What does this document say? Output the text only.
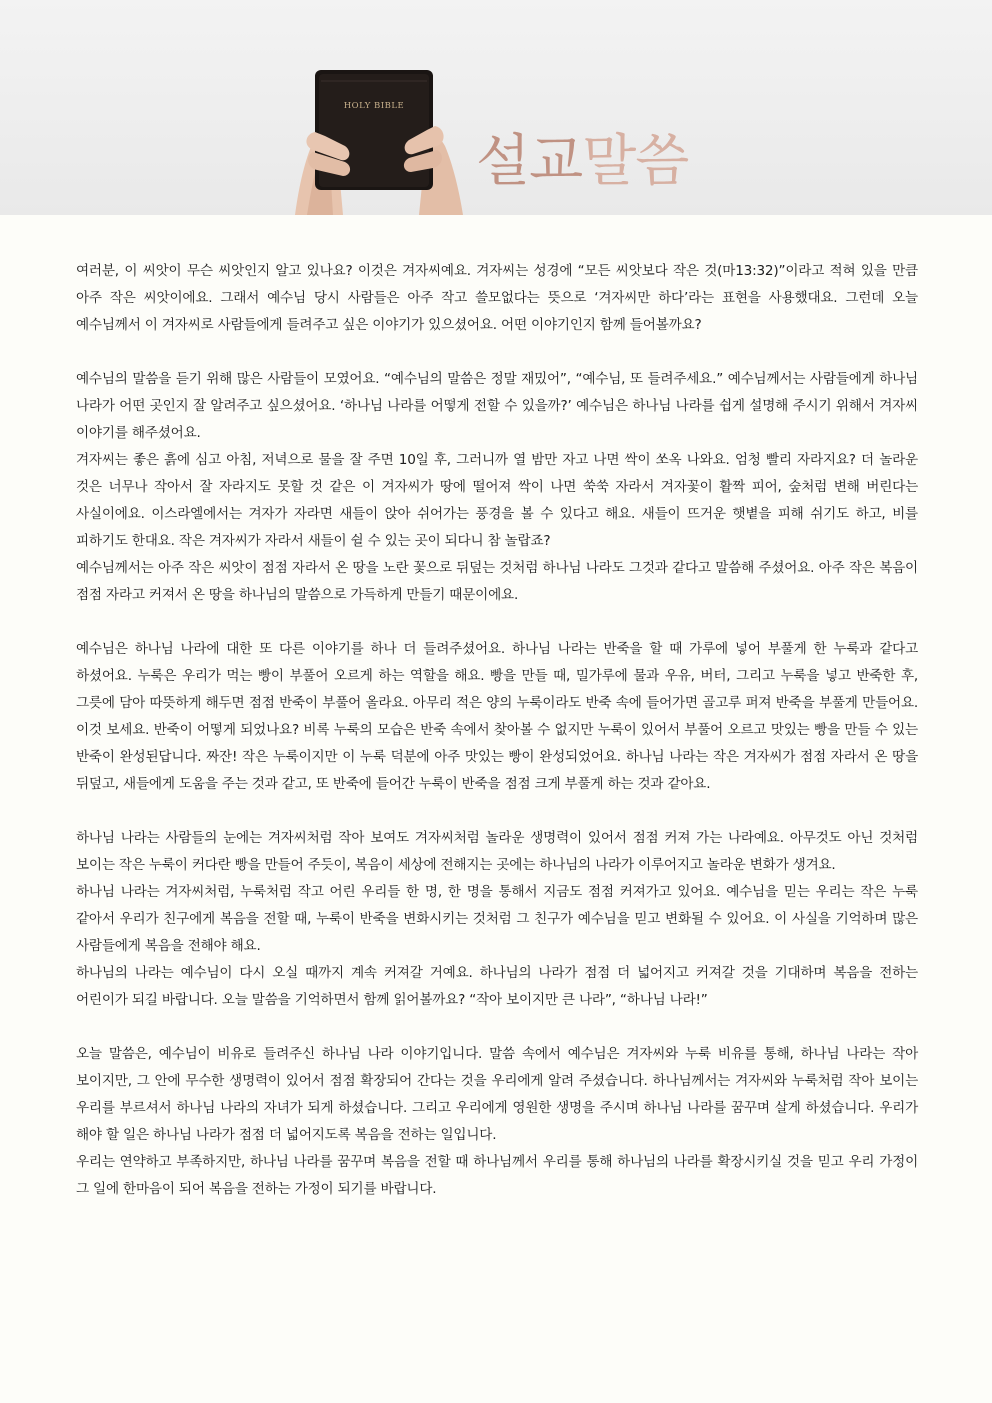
HOLY BIBLE
설교말씀

여러분, 이 씨앗이 무슨 씨앗인지 알고 있나요? 이것은 겨자씨예요. 겨자씨는 성경에 “모든 씨앗보다 작은 것(마13:32)”이라고 적혀 있을 만큼 아주 작은 씨앗이에요. 그래서 예수님 당시 사람들은 아주 작고 쓸모없다는 뜻으로 ‘겨자씨만 하다’라는 표현을 사용했대요. 그런데 오늘 예수님께서 이 겨자씨로 사람들에게 들려주고 싶은 이야기가 있으셨어요. 어떤 이야기인지 함께 들어볼까요?

예수님의 말씀을 듣기 위해 많은 사람들이 모였어요. “예수님의 말씀은 정말 재밌어”, “예수님, 또 들려주세요.” 예수님께서는 사람들에게 하나님 나라가 어떤 곳인지 잘 알려주고 싶으셨어요. ‘하나님 나라를 어떻게 전할 수 있을까?’ 예수님은 하나님 나라를 쉽게 설명해 주시기 위해서 겨자씨 이야기를 해주셨어요.

겨자씨는 좋은 흙에 심고 아침, 저녁으로 물을 잘 주면 10일 후, 그러니까 열 밤만 자고 나면 싹이 쏘옥 나와요. 엄청 빨리 자라지요? 더 놀라운 것은 너무나 작아서 잘 자라지도 못할 것 같은 이 겨자씨가 땅에 떨어져 싹이 나면 쑥쑥 자라서 겨자꽃이 활짝 피어, 숲처럼 변해 버린다는 사실이에요. 이스라엘에서는 겨자가 자라면 새들이 앉아 쉬어가는 풍경을 볼 수 있다고 해요. 새들이 뜨거운 햇볕을 피해 쉬기도 하고, 비를 피하기도 한대요. 작은 겨자씨가 자라서 새들이 쉴 수 있는 곳이 되다니 참 놀랍죠?

예수님께서는 아주 작은 씨앗이 점점 자라서 온 땅을 노란 꽃으로 뒤덮는 것처럼 하나님 나라도 그것과 같다고 말씀해 주셨어요. 아주 작은 복음이 점점 자라고 커져서 온 땅을 하나님의 말씀으로 가득하게 만들기 때문이에요.

예수님은 하나님 나라에 대한 또 다른 이야기를 하나 더 들려주셨어요. 하나님 나라는 반죽을 할 때 가루에 넣어 부풀게 한 누룩과 같다고 하셨어요. 누룩은 우리가 먹는 빵이 부풀어 오르게 하는 역할을 해요. 빵을 만들 때, 밀가루에 물과 우유, 버터, 그리고 누룩을 넣고 반죽한 후, 그릇에 담아 따뜻하게 해두면 점점 반죽이 부풀어 올라요. 아무리 적은 양의 누룩이라도 반죽 속에 들어가면 골고루 퍼져 반죽을 부풀게 만들어요. 이것 보세요. 반죽이 어떻게 되었나요? 비록 누룩의 모습은 반죽 속에서 찾아볼 수 없지만 누룩이 있어서 부풀어 오르고 맛있는 빵을 만들 수 있는 반죽이 완성된답니다. 짜잔! 작은 누룩이지만 이 누룩 덕분에 아주 맛있는 빵이 완성되었어요. 하나님 나라는 작은 겨자씨가 점점 자라서 온 땅을 뒤덮고, 새들에게 도움을 주는 것과 같고, 또 반죽에 들어간 누룩이 반죽을 점점 크게 부풀게 하는 것과 같아요.

하나님 나라는 사람들의 눈에는 겨자씨처럼 작아 보여도 겨자씨처럼 놀라운 생명력이 있어서 점점 커져 가는 나라예요. 아무것도 아닌 것처럼 보이는 작은 누룩이 커다란 빵을 만들어 주듯이, 복음이 세상에 전해지는 곳에는 하나님의 나라가 이루어지고 놀라운 변화가 생겨요.

하나님 나라는 겨자씨처럼, 누룩처럼 작고 어린 우리들 한 명, 한 명을 통해서 지금도 점점 커져가고 있어요. 예수님을 믿는 우리는 작은 누룩 같아서 우리가 친구에게 복음을 전할 때, 누룩이 반죽을 변화시키는 것처럼 그 친구가 예수님을 믿고 변화될 수 있어요. 이 사실을 기억하며 많은 사람들에게 복음을 전해야 해요.

하나님의 나라는 예수님이 다시 오실 때까지 계속 커져갈 거예요. 하나님의 나라가 점점 더 넓어지고 커져갈 것을 기대하며 복음을 전하는 어린이가 되길 바랍니다. 오늘 말씀을 기억하면서 함께 읽어볼까요? “작아 보이지만 큰 나라”, “하나님 나라!”

오늘 말씀은, 예수님이 비유로 들려주신 하나님 나라 이야기입니다. 말씀 속에서 예수님은 겨자씨와 누룩 비유를 통해, 하나님 나라는 작아 보이지만, 그 안에 무수한 생명력이 있어서 점점 확장되어 간다는 것을 우리에게 알려 주셨습니다. 하나님께서는 겨자씨와 누룩처럼 작아 보이는 우리를 부르셔서 하나님 나라의 자녀가 되게 하셨습니다. 그리고 우리에게 영원한 생명을 주시며 하나님 나라를 꿈꾸며 살게 하셨습니다. 우리가 해야 할 일은 하나님 나라가 점점 더 넓어지도록 복음을 전하는 일입니다.

우리는 연약하고 부족하지만, 하나님 나라를 꿈꾸며 복음을 전할 때 하나님께서 우리를 통해 하나님의 나라를 확장시키실 것을 믿고 우리 가정이 그 일에 한마음이 되어 복음을 전하는 가정이 되기를 바랍니다.
